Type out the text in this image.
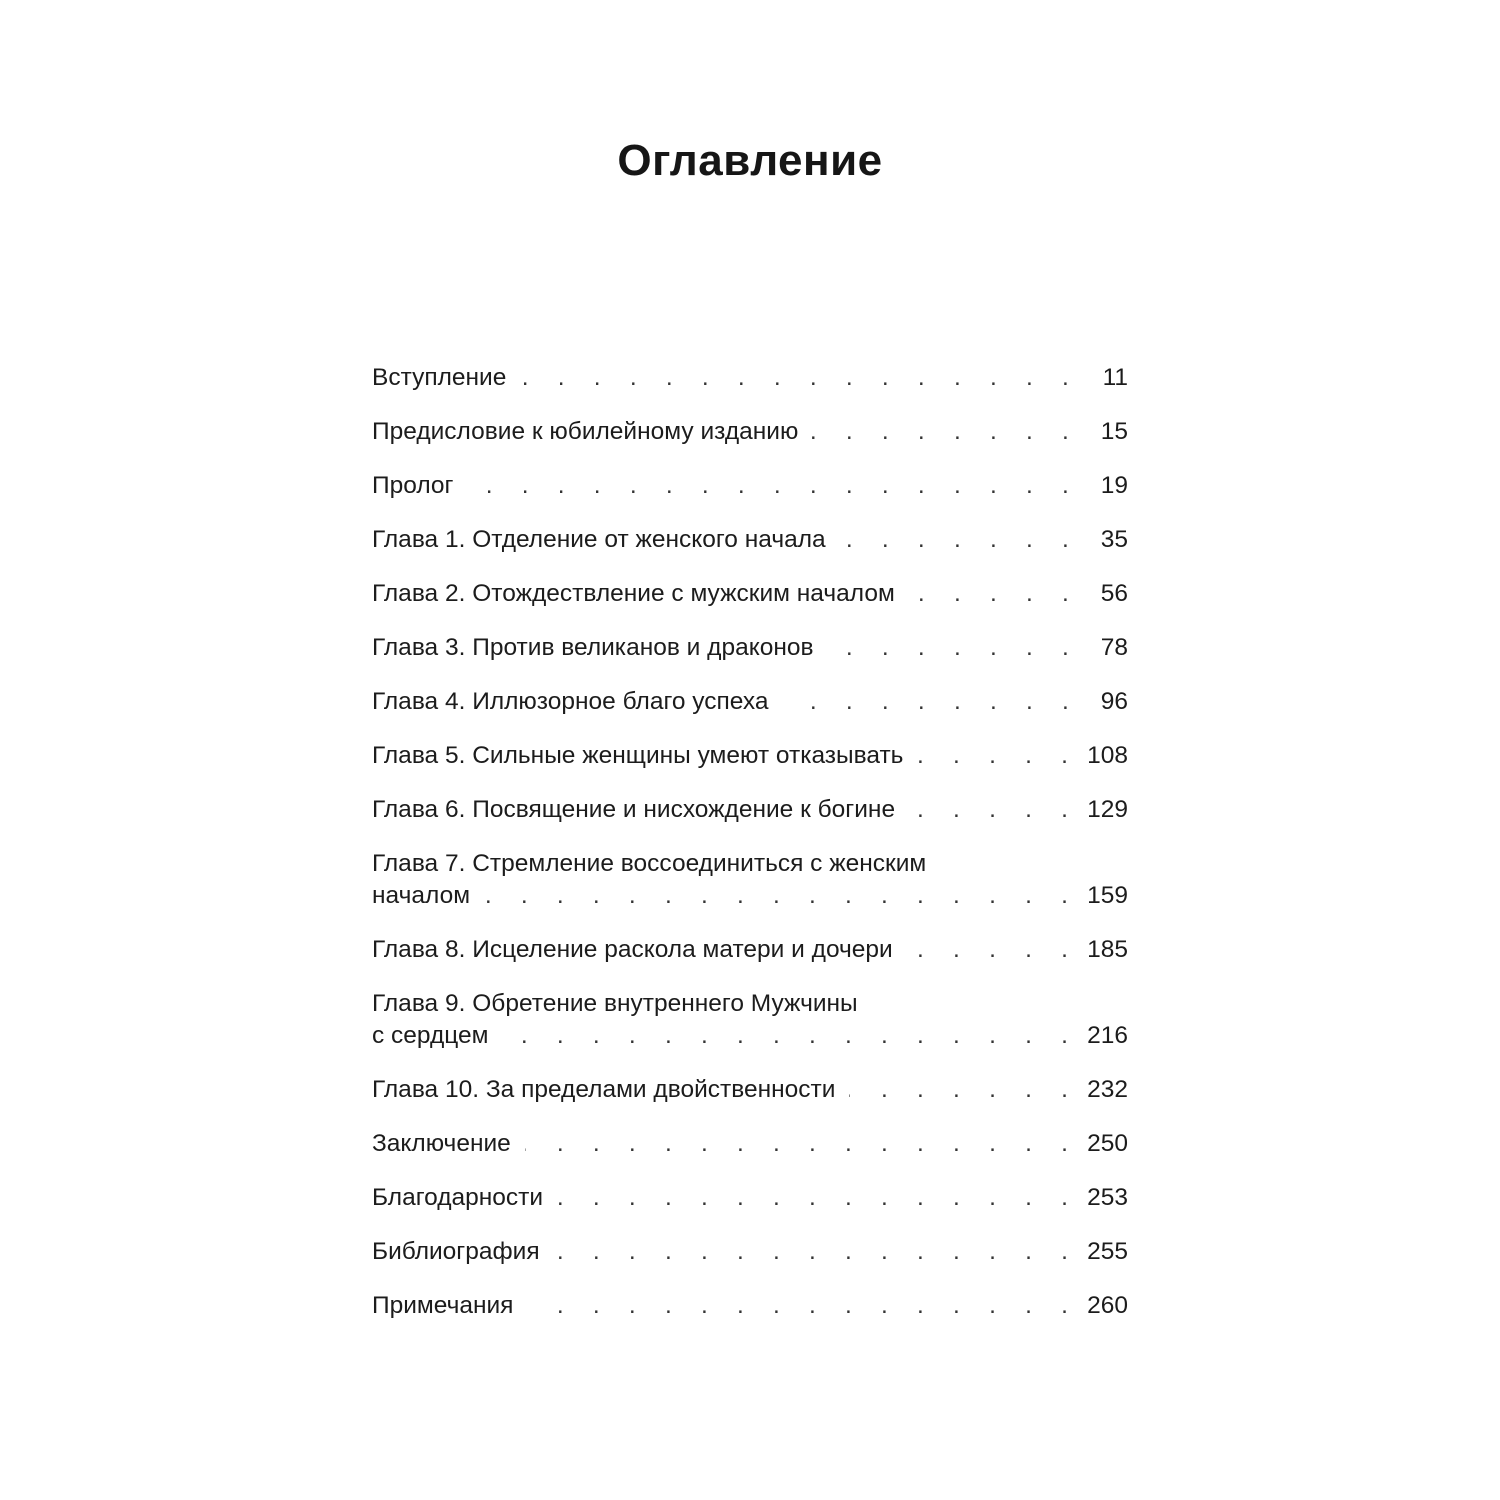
Оглавление
Вступление . . .	11
Предисловие к юбилейному изданию . . .	15
Пролог . . .	19
Глава 1. Отделение от женского начала . . .	35
Глава 2. Отождествление с мужским началом . . .	56
Глава 3. Против великанов и драконов . . .	78
Глава 4. Иллюзорное благо успеха . . .	96
Глава 5. Сильные женщины умеют отказывать . . .	108
Глава 6. Посвящение и нисхождение к богине . . .	129
Глава 7. Стремление воссоединиться с женским
началом . . .	159
Глава 8. Исцеление раскола матери и дочери . . .	185
Глава 9. Обретение внутреннего Мужчины
с сердцем . . .	216
Глава 10. За пределами двойственности . . .	232
Заключение . . .	250
Благодарности . . .	253
Библиография . . .	255
Примечания . . .	260
